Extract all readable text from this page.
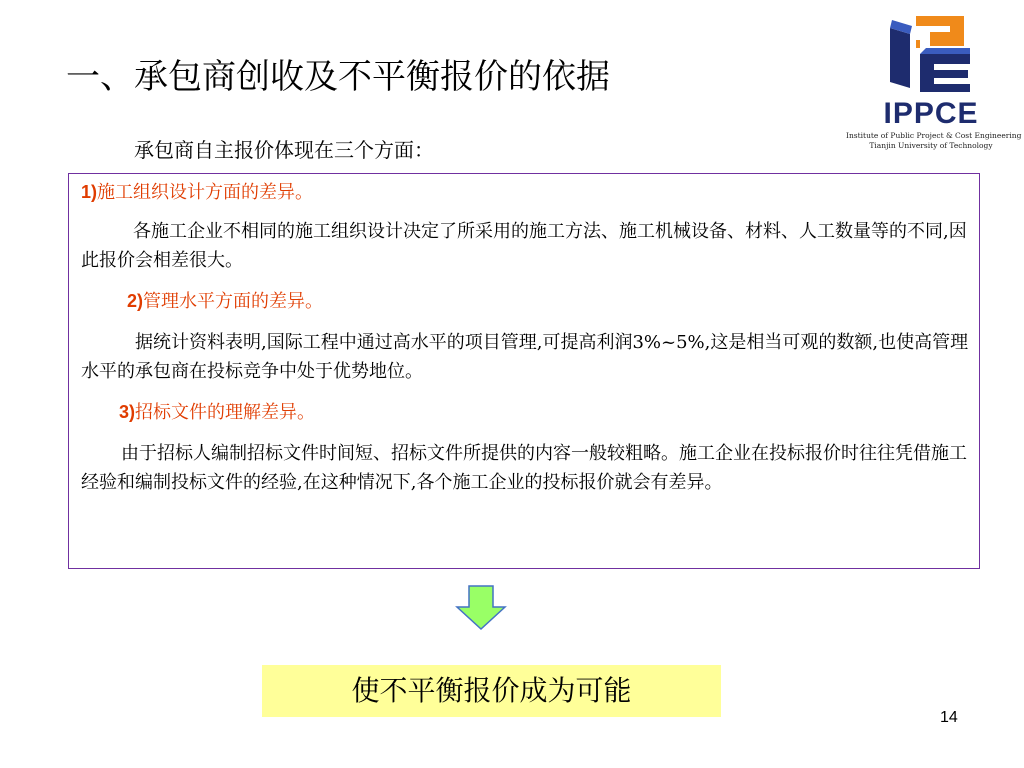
一、承包商创收及不平衡报价的依据
承包商自主报价体现在三个方面：
IPPCE
Institute of Public Project & Cost Engineering
Tianjin University of Technology

1)施工组织设计方面的差异。

各施工企业不相同的施工组织设计决定了所采用的施工方法、施工机械设备、材料、人工数量等的不同,因此报价会相差很大。

2)管理水平方面的差异。

据统计资料表明,国际工程中通过高水平的项目管理,可提高利润3%~5%,这是相当可观的数额,也使高管理水平的承包商在投标竞争中处于优势地位。

3)招标文件的理解差异。

由于招标人编制招标文件时间短、招标文件所提供的内容一般较粗略。施工企业在投标报价时往往凭借施工经验和编制投标文件的经验,在这种情况下,各个施工企业的投标报价就会有差异。

使不平衡报价成为可能
14
